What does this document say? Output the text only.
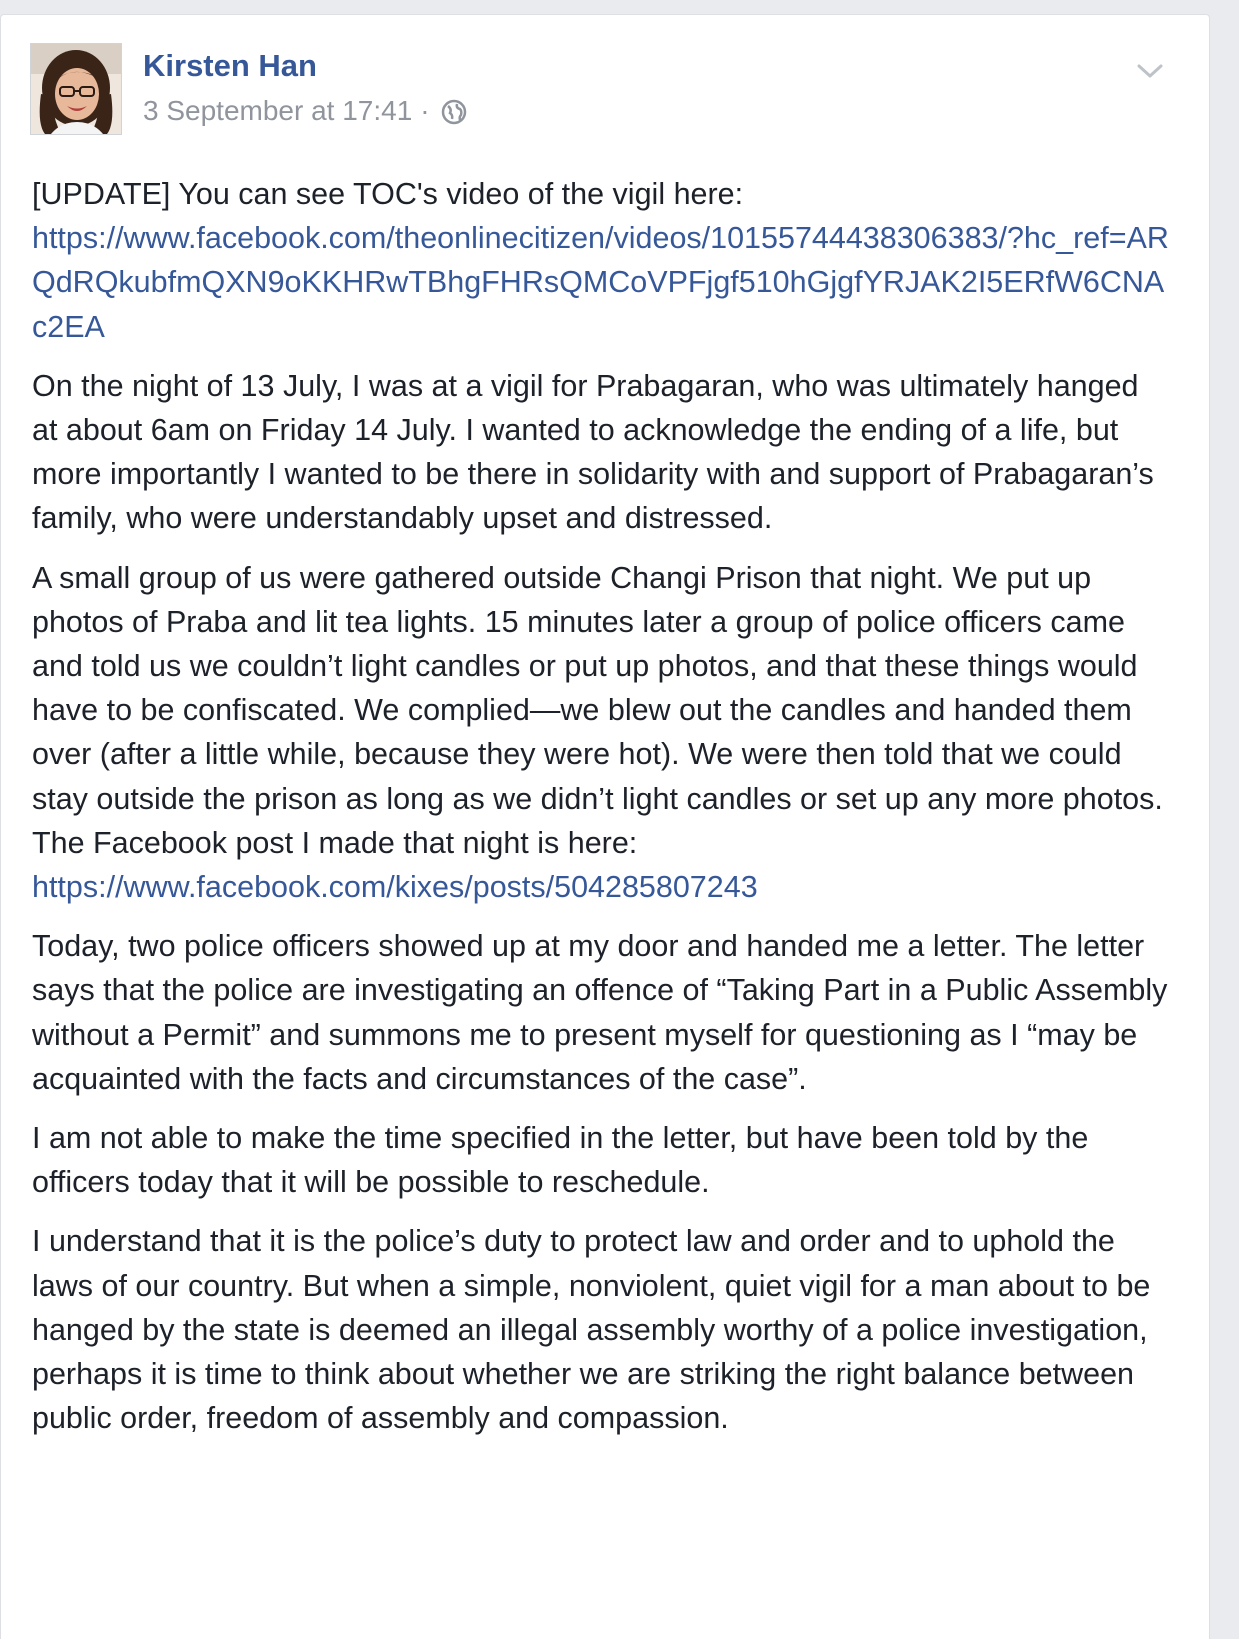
Kirsten Han
3 September at 17:41 ·

[UPDATE] You can see TOC's video of the vigil here:
https://www.facebook.com/theonlinecitizen/videos/10155744438306383/?hc_ref=ARQdRQkubfmQXN9oKKHRwTBhgFHRsQMCoVPFjgf510hGjgfYRJAK2I5ERfW6CNAc2EA

On the night of 13 July, I was at a vigil for Prabagaran, who was ultimately hanged at about 6am on Friday 14 July. I wanted to acknowledge the ending of a life, but more importantly I wanted to be there in solidarity with and support of Prabagaran’s family, who were understandably upset and distressed.

A small group of us were gathered outside Changi Prison that night. We put up photos of Praba and lit tea lights. 15 minutes later a group of police officers came and told us we couldn’t light candles or put up photos, and that these things would have to be confiscated. We complied—we blew out the candles and handed them over (after a little while, because they were hot). We were then told that we could stay outside the prison as long as we didn’t light candles or set up any more photos. The Facebook post I made that night is here: https://www.facebook.com/kixes/posts/504285807243

Today, two police officers showed up at my door and handed me a letter. The letter says that the police are investigating an offence of “Taking Part in a Public Assembly without a Permit” and summons me to present myself for questioning as I “may be acquainted with the facts and circumstances of the case”.

I am not able to make the time specified in the letter, but have been told by the officers today that it will be possible to reschedule.

I understand that it is the police’s duty to protect law and order and to uphold the laws of our country. But when a simple, nonviolent, quiet vigil for a man about to be hanged by the state is deemed an illegal assembly worthy of a police investigation, perhaps it is time to think about whether we are striking the right balance between public order, freedom of assembly and compassion.
